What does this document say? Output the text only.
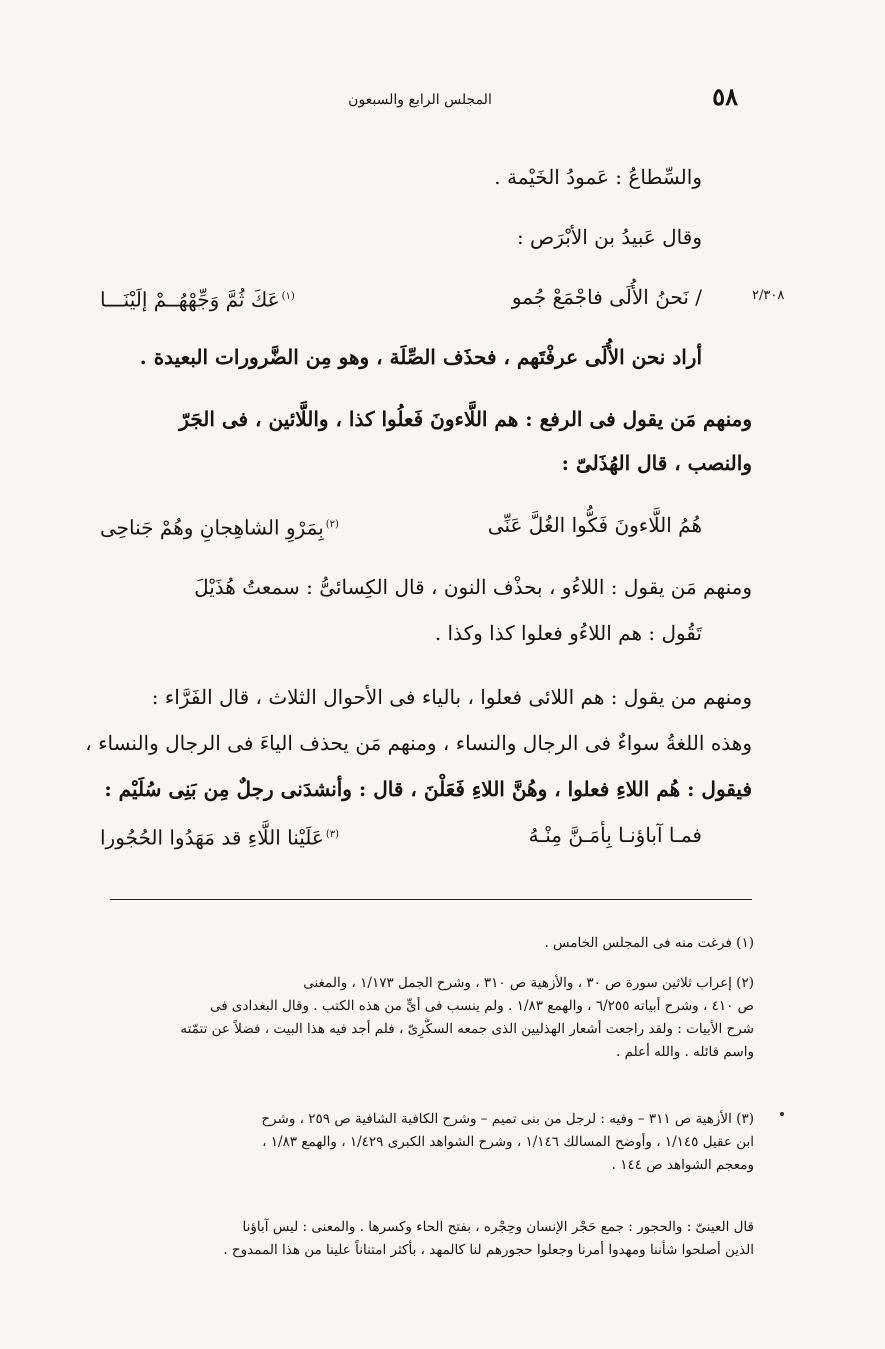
٥٨
المجلس الرابع والسبعون
٢/٣٠٨
والسِّطاعُ : عَمودُ الخَيْمة .
وقال عَبيدُ بن الأبْرَص :
/ نَحنُ الأُلَى فاجْمَعْ جُمو
$^{(١)}$عَكَ ثُمَّ وَجِّهْهُــمْ إلَيْنَـــا
أراد نحن الأُلَى عرفْتَهم ، فحذَف الصِّلَة ، وهو مِن الضَّرورات البعيدة .
ومنهم مَن يقول فى الرفع : هم اللَّاءونَ فَعلُوا كذا ، واللَّائين ، فى الجَرّ
والنصب ، قال الهُذَلىّ :
هُمُ اللَّاءونَ فَكُّوا الغُلَّ عَنِّى
$^{(٢)}$بِمَرْوِ الشاهِجانِ وهُمْ جَناحِى
ومنهم مَن يقول : اللاءُو ، بحذْف النون ، قال الكِسائىُّ : سمعتُ هُذَيْلَ
تَقُول : هم اللاءُو فعلوا كذا وكذا .
ومنهم من يقول : هم اللائى فعلوا ، بالياء فى الأحوال الثلاث ، قال الفَرَّاء :
وهذه اللغةُ سواءٌ فى الرجال والنساء ، ومنهم مَن يحذف الياءَ فى الرجال والنساء ،
فيقول : هُم اللاءِ فعلوا ، وهُنَّ اللاءِ فَعَلْنَ ، قال : وأنشدَنى رجلٌ مِن بَنِى سُلَيْم :
فمـا آباؤنـا بِأمَـنَّ مِنْـهُ
$^{(٣)}$عَلَيْنا اللَّاءِ قد مَهَدُوا الحُجُورا

(١) فرغت منه فى المجلس الخامس .

(٢) إعراب ثلاثين سورة ص ٣٠ ، والأزهية ص ٣١٠ ، وشرح الجمل ١/١٧٣ ، والمغنى

ص ٤١٠ ، وشرح أبياته ٦/٢٥٥ ، والهمع ١/٨٣ . ولم ينسب فى أىٍّ من هذه الكتب . وقال البغدادى فى

شرح الأبيات : ولقد راجعت أشعار الهذليين الذى جمعه السكَّرِىّ ، فلم أجد فيه هذا البيت ، فضلاً عن تتمّته

واسم قائله . والله أعلم .

(٣) الأزهية ص ٣١١ – وفيه : لرجل من بنى تميم – وشرح الكافية الشافية ص ٢٥٩ ، وشرح

ابن عقيل ١/١٤٥ ، وأوضح المسالك ١/١٤٦ ، وشرح الشواهد الكبرى ١/٤٢٩ ، والهمع ١/٨٣ ،

ومعجم الشواهد ص ١٤٤ .

قال العينىّ : والحجور : جمع حَجْر الإنسان وحِجْره ، بفتح الحاء وكسرها . والمعنى : ليس آباؤنا

الذين أصلحوا شأننا ومهدوا أمرنا وجعلوا حجورهم لنا كالمهد ، بأكثر امتناناً علينا من هذا الممدوح .
